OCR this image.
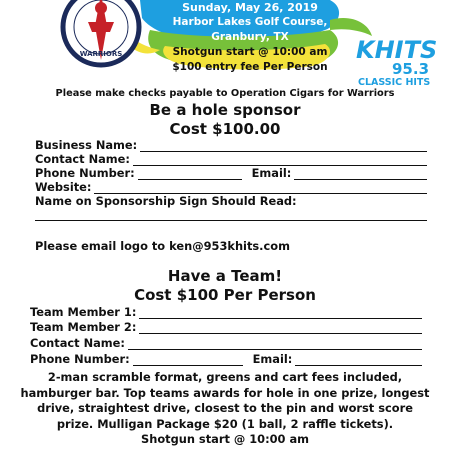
WARRIORS
Sunday, May 26, 2019
Harbor Lakes Golf Course, Granbury, TX
Shotgun start @ 10:00 am
$100 entry fee Per Person
KHITS
95.3
CLASSIC HITS
Please make checks payable to Operation Cigars for Warriors
Be a hole sponsor
Cost $100.00
Business Name:
Contact Name:
Phone Number:	Email:
Website:
Name on Sponsorship Sign Should Read:
Please email logo to ken@953khits.com
Have a Team!
Cost $100 Per Person
Team Member 1:
Team Member 2:
Contact Name:
Phone Number:	Email:
2-man scramble format, greens and cart fees included, hamburger bar. Top teams awards for hole in one prize, longest drive, straightest drive, closest to the pin and worst score prize. Mulligan Package $20 (1 ball, 2 raffle tickets).
Shotgun start @ 10:00 am
